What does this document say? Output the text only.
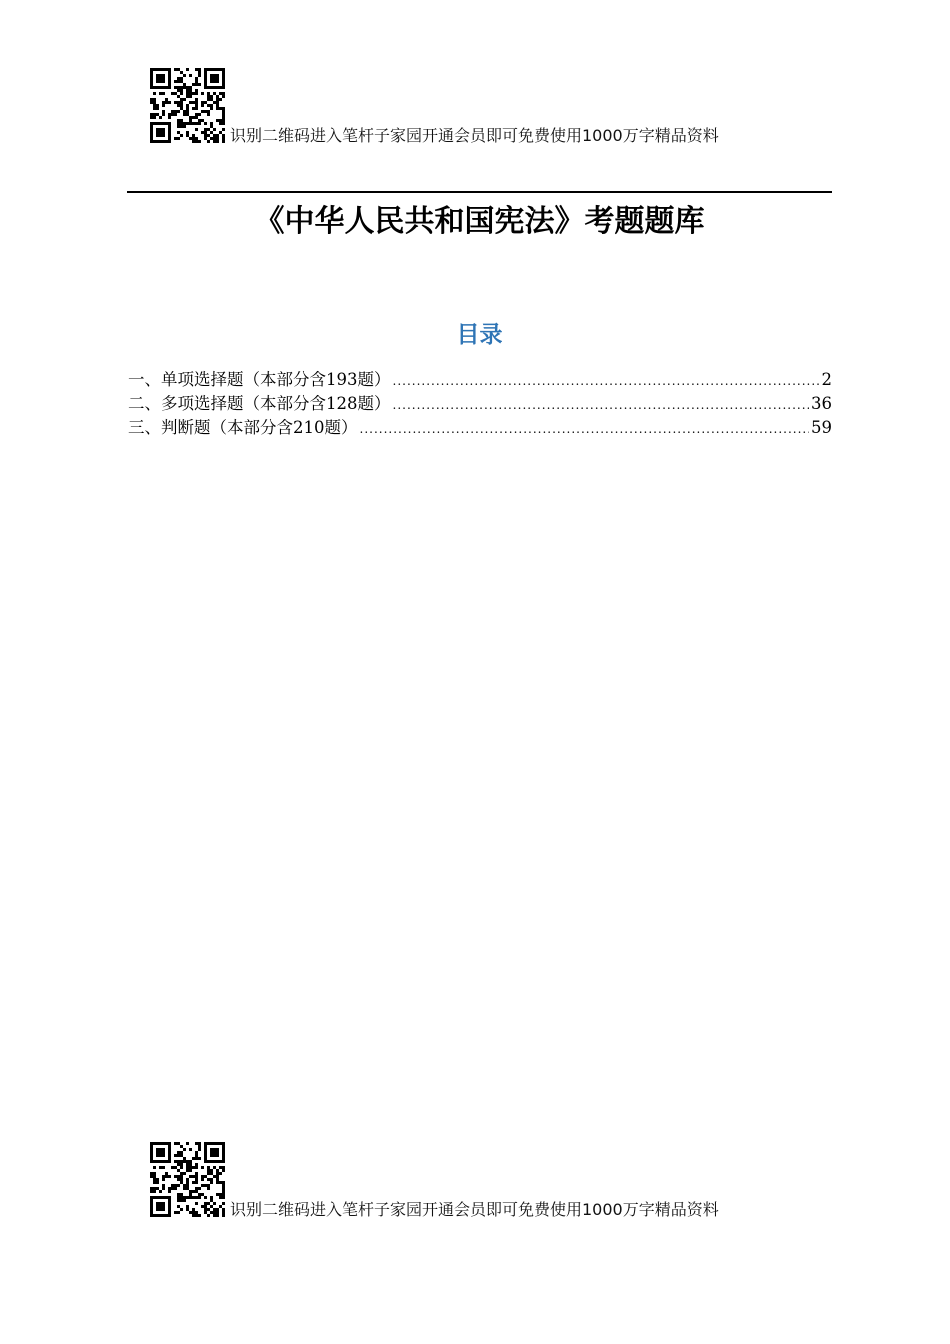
识别二维码进入笔杆子家园开通会员即可免费使用1000万字精品资料
《中华人民共和国宪法》考题题库
目录
一、单项选择题（本部分含193题） .....	2
二、多项选择题（本部分含128题） .....	36
三、判断题（本部分含210题） .....	59
识别二维码进入笔杆子家园开通会员即可免费使用1000万字精品资料
